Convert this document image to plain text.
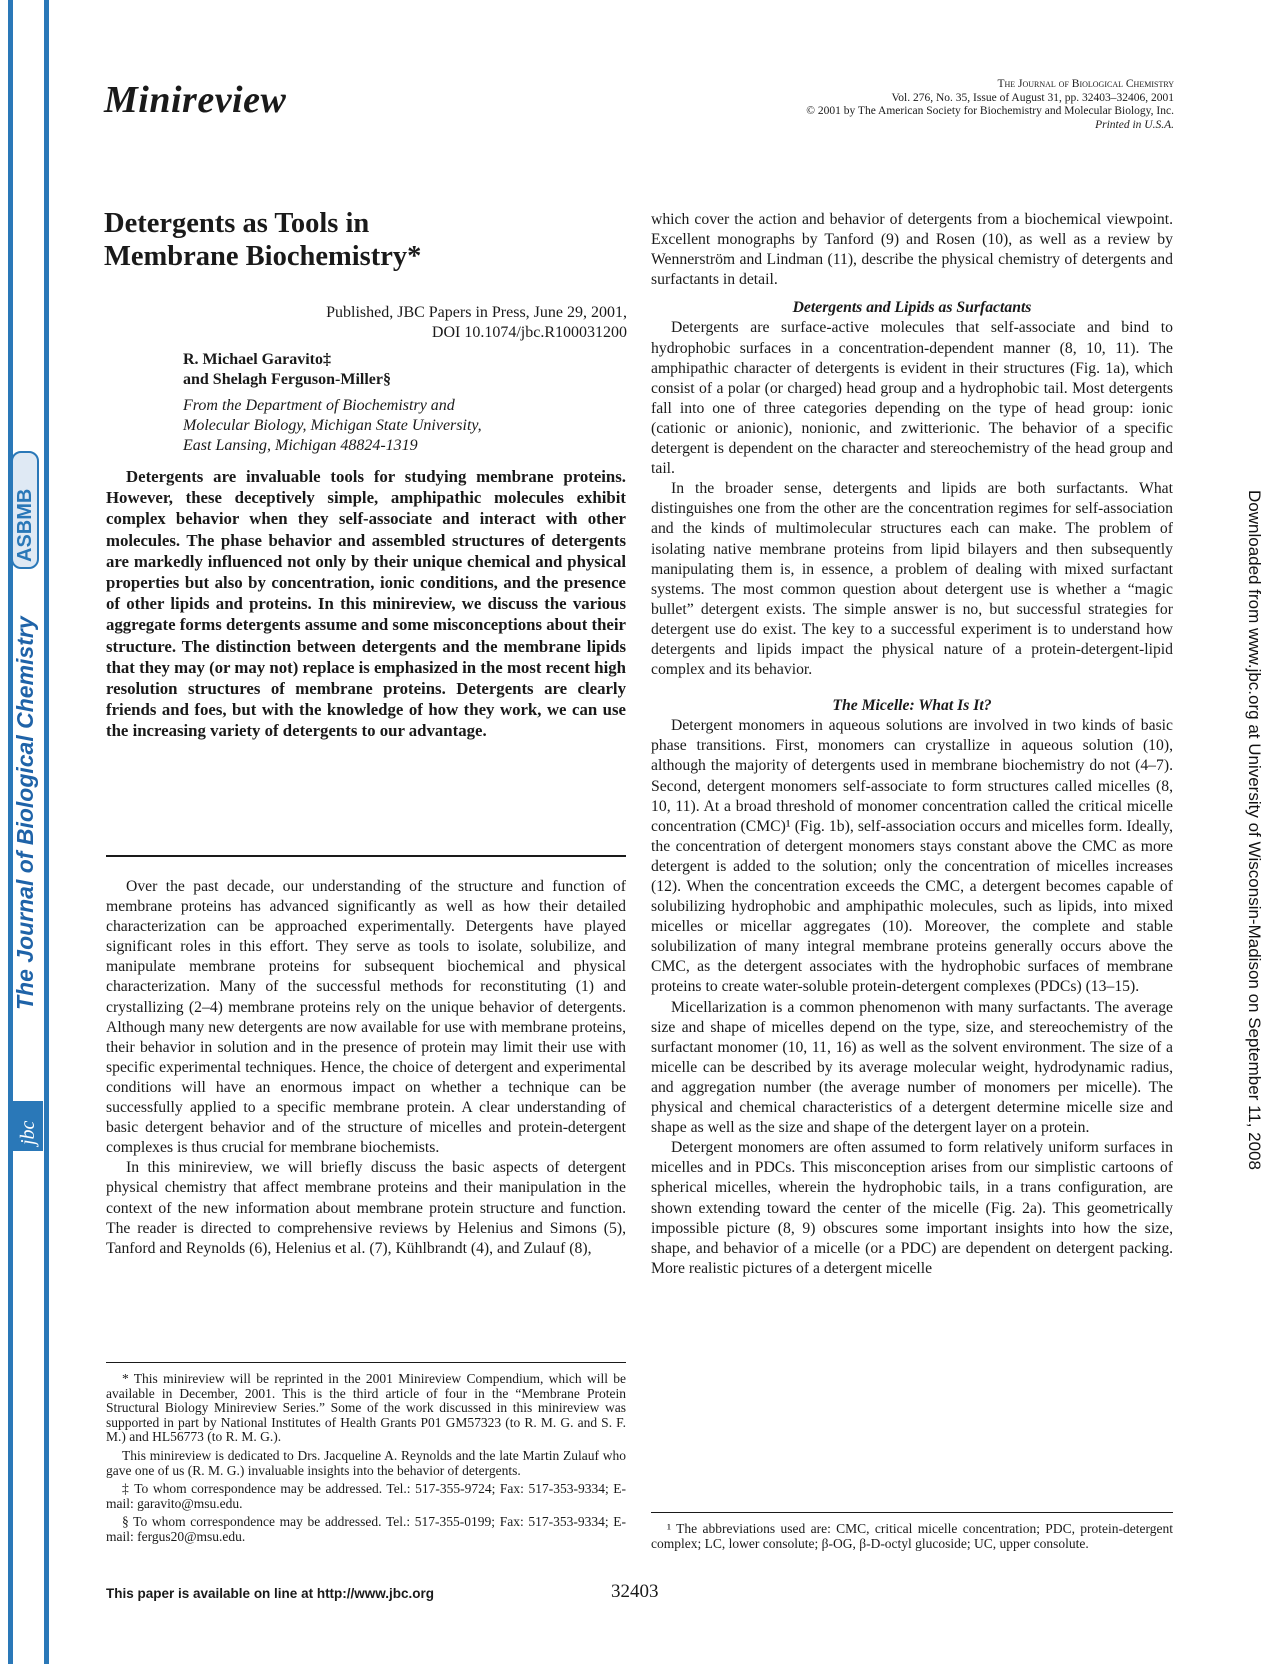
ASBMB
The Journal of Biological Chemistry
jbc	Downloaded from www.jbc.org at University of Wisconsin-Madison on September 11, 2008
Minireview	The Journal of Biological Chemistry
Vol. 276, No. 35, Issue of August 31, pp. 32403–32406, 2001
© 2001 by The American Society for Biochemistry and Molecular Biology, Inc.
Printed in U.S.A.
Detergents as Tools in
Membrane Biochemistry*
Published, JBC Papers in Press, June 29, 2001,
DOI 10.1074/jbc.R100031200
R. Michael Garavito‡
and Shelagh Ferguson-Miller§
From the Department of Biochemistry and
Molecular Biology, Michigan State University,
East Lansing, Michigan 48824-1319
Detergents are invaluable tools for studying membrane proteins. However, these deceptively simple, amphipathic molecules exhibit complex behavior when they self-associate and interact with other molecules. The phase behavior and assembled structures of detergents are markedly influenced not only by their unique chemical and physical properties but also by concentration, ionic conditions, and the presence of other lipids and proteins. In this minireview, we discuss the various aggregate forms detergents assume and some misconceptions about their structure. The distinction between detergents and the membrane lipids that they may (or may not) replace is emphasized in the most recent high resolution structures of membrane proteins. Detergents are clearly friends and foes, but with the knowledge of how they work, we can use the increasing variety of detergents to our advantage.

Over the past decade, our understanding of the structure and function of membrane proteins has advanced significantly as well as how their detailed characterization can be approached experimentally. Detergents have played significant roles in this effort. They serve as tools to isolate, solubilize, and manipulate membrane proteins for subsequent biochemical and physical characterization. Many of the successful methods for reconstituting (1) and crystallizing (2–4) membrane proteins rely on the unique behavior of detergents. Although many new detergents are now available for use with membrane proteins, their behavior in solution and in the presence of protein may limit their use with specific experimental techniques. Hence, the choice of detergent and experimental conditions will have an enormous impact on whether a technique can be successfully applied to a specific membrane protein. A clear understanding of basic detergent behavior and of the structure of micelles and protein-detergent complexes is thus crucial for membrane biochemists.

In this minireview, we will briefly discuss the basic aspects of detergent physical chemistry that affect membrane proteins and their manipulation in the context of the new information about membrane protein structure and function. The reader is directed to comprehensive reviews by Helenius and Simons (5), Tanford and Reynolds (6), Helenius et al. (7), Kühlbrandt (4), and Zulauf (8),

which cover the action and behavior of detergents from a biochemical viewpoint. Excellent monographs by Tanford (9) and Rosen (10), as well as a review by Wennerström and Lindman (11), describe the physical chemistry of detergents and surfactants in detail.

Detergents and Lipids as Surfactants

Detergents are surface-active molecules that self-associate and bind to hydrophobic surfaces in a concentration-dependent manner (8, 10, 11). The amphipathic character of detergents is evident in their structures (Fig. 1a), which consist of a polar (or charged) head group and a hydrophobic tail. Most detergents fall into one of three categories depending on the type of head group: ionic (cationic or anionic), nonionic, and zwitterionic. The behavior of a specific detergent is dependent on the character and stereochemistry of the head group and tail.

In the broader sense, detergents and lipids are both surfactants. What distinguishes one from the other are the concentration regimes for self-association and the kinds of multimolecular structures each can make. The problem of isolating native membrane proteins from lipid bilayers and then subsequently manipulating them is, in essence, a problem of dealing with mixed surfactant systems. The most common question about detergent use is whether a “magic bullet” detergent exists. The simple answer is no, but successful strategies for detergent use do exist. The key to a successful experiment is to understand how detergents and lipids impact the physical nature of a protein-detergent-lipid complex and its behavior.

The Micelle: What Is It?

Detergent monomers in aqueous solutions are involved in two kinds of basic phase transitions. First, monomers can crystallize in aqueous solution (10), although the majority of detergents used in membrane biochemistry do not (4–7). Second, detergent monomers self-associate to form structures called micelles (8, 10, 11). At a broad threshold of monomer concentration called the critical micelle concentration (CMC)¹ (Fig. 1b), self-association occurs and micelles form. Ideally, the concentration of detergent monomers stays constant above the CMC as more detergent is added to the solution; only the concentration of micelles increases (12). When the concentration exceeds the CMC, a detergent becomes capable of solubilizing hydrophobic and amphipathic molecules, such as lipids, into mixed micelles or micellar aggregates (10). Moreover, the complete and stable solubilization of many integral membrane proteins generally occurs above the CMC, as the detergent associates with the hydrophobic surfaces of membrane proteins to create water-soluble protein-detergent complexes (PDCs) (13–15).

Micellarization is a common phenomenon with many surfactants. The average size and shape of micelles depend on the type, size, and stereochemistry of the surfactant monomer (10, 11, 16) as well as the solvent environment. The size of a micelle can be described by its average molecular weight, hydrodynamic radius, and aggregation number (the average number of monomers per micelle). The physical and chemical characteristics of a detergent determine micelle size and shape as well as the size and shape of the detergent layer on a protein.

Detergent monomers are often assumed to form relatively uniform surfaces in micelles and in PDCs. This misconception arises from our simplistic cartoons of spherical micelles, wherein the hydrophobic tails, in a trans configuration, are shown extending toward the center of the micelle (Fig. 2a). This geometrically impossible picture (8, 9) obscures some important insights into how the size, shape, and behavior of a micelle (or a PDC) are dependent on detergent packing. More realistic pictures of a detergent micelle

* This minireview will be reprinted in the 2001 Minireview Compendium, which will be available in December, 2001. This is the third article of four in the “Membrane Protein Structural Biology Minireview Series.” Some of the work discussed in this minireview was supported in part by National Institutes of Health Grants P01 GM57323 (to R. M. G. and S. F. M.) and HL56773 (to R. M. G.).

This minireview is dedicated to Drs. Jacqueline A. Reynolds and the late Martin Zulauf who gave one of us (R. M. G.) invaluable insights into the behavior of detergents.

‡ To whom correspondence may be addressed. Tel.: 517-355-9724; Fax: 517-353-9334; E-mail: garavito@msu.edu.

§ To whom correspondence may be addressed. Tel.: 517-355-0199; Fax: 517-353-9334; E-mail: fergus20@msu.edu.

¹ The abbreviations used are: CMC, critical micelle concentration; PDC, protein-detergent complex; LC, lower consolute; β-OG, β-D-octyl glucoside; UC, upper consolute.

This paper is available on line at http://www.jbc.org	32403
